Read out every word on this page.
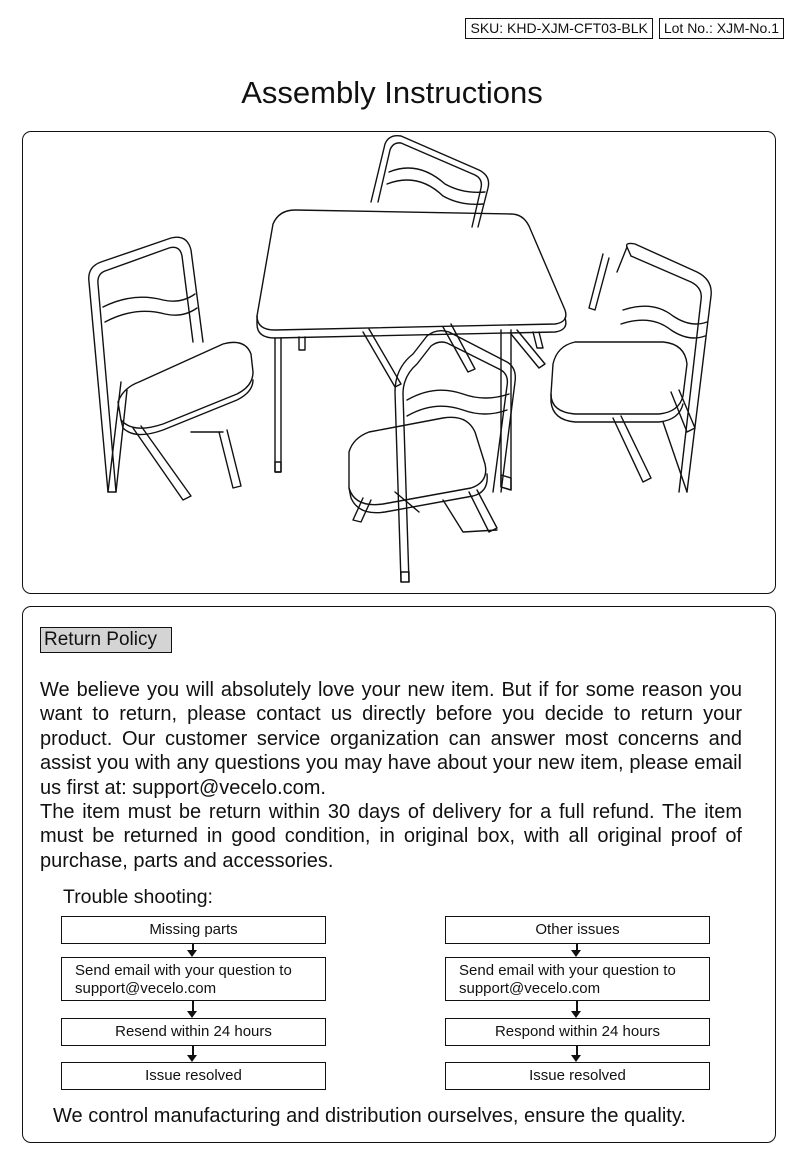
SKU: KHD-XJM-CFT03-BLK	Lot No.: XJM-No.1
Assembly Instructions
Return Policy

We believe you will absolutely love your new item. But if for some reason you want to return, please contact us directly before you decide to return your product. Our customer service organization can answer most concerns and assist you with any questions you may have about your new item, please email us first at: support@vecelo.com.

The item must be return within 30 days of delivery for a full refund. The item must be returned in good condition, in original box, with all original proof of purchase, parts and accessories.

Trouble shooting:
Missing parts
Send email with your question to
support@vecelo.com
Resend within 24 hours
Issue resolved
Other issues
Send email with your question to
support@vecelo.com
Respond within 24 hours
Issue resolved
We control manufacturing and distribution ourselves, ensure the quality.
